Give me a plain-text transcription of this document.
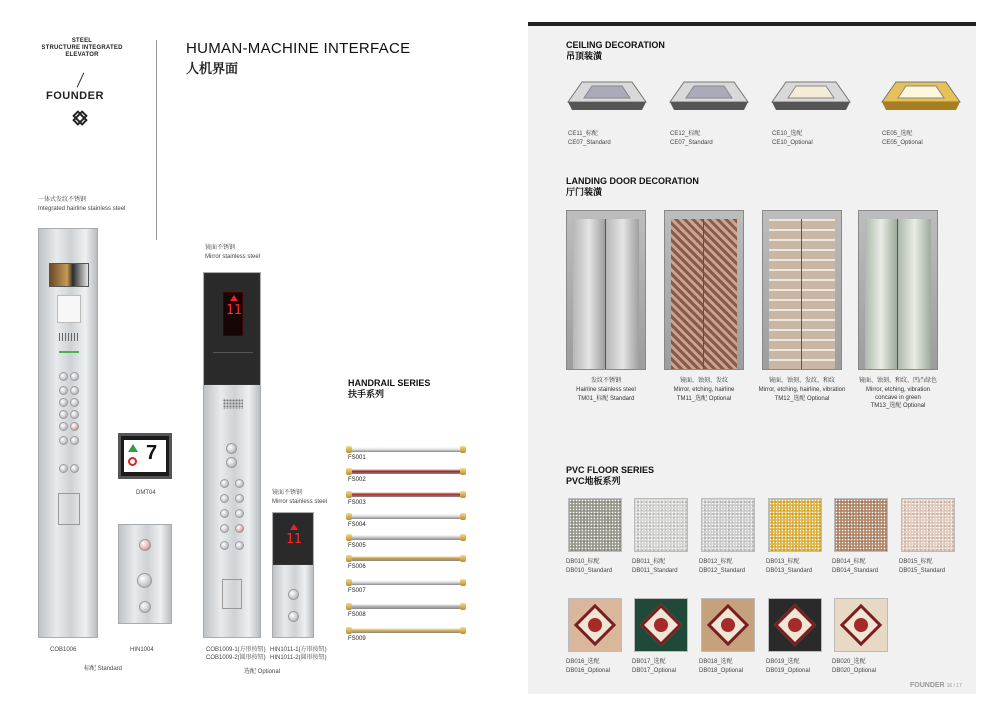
STEEL
STRUCTURE INTEGRATED
ELEVATOR
FOUNDER
HUMAN-MACHINE INTERFACE
人机界面
一体式发纹不锈钢
Integrated hairline stainless steel
COB1006
7
DMT04
HIN1004
标配 Standard
镜面不锈钢
Mirror stainless steel
11
COB1009-1(方形按钮)
COB1009-2(圆形按钮)
镜面不锈钢
Mirror stainless steel
11
HIN1011-1(方形按钮)
HIN1011-2(圆形按钮)
选配 Optional
HANDRAIL SERIES
扶手系列
FS001
FS002
FS003
FS004
FS005
FS006
FS007
FS008
FS009
CEILING DECORATION
吊顶装潢
CE11_标配
CE07_Standard
CE12_标配
CE07_Standard
CE10_选配
CE10_Optional
CE05_选配
CE05_Optional
LANDING DOOR DECORATION
厅门装潢
发纹不锈钢
Hairline stainless steel
TM01_标配 Standard
镜面、蚀刻、发纹
Mirror, etching, hairline
TM11_选配 Optional
镜面、蚀刻、发纹、和纹
Mirror, etching, hairline, vibration
TM12_选配 Optional
镜面、蚀刻、和纹、凹凸绿色
Mirror, etching, vibration
concave in green
TM13_选配 Optional
PVC FLOOR SERIES
PVC地板系列
DB010_标配
DB010_Standard
DB011_标配
DB011_Standard
DB012_标配
DB012_Standard
DB013_标配
DB013_Standard
DB014_标配
DB014_Standard
DB015_标配
DB015_Standard
DB016_选配
DB016_Optional
DB017_选配
DB017_Optional
DB018_选配
DB018_Optional
DB019_选配
DB019_Optional
DB020_选配
DB020_Optional
FOUNDER 16 / 17
